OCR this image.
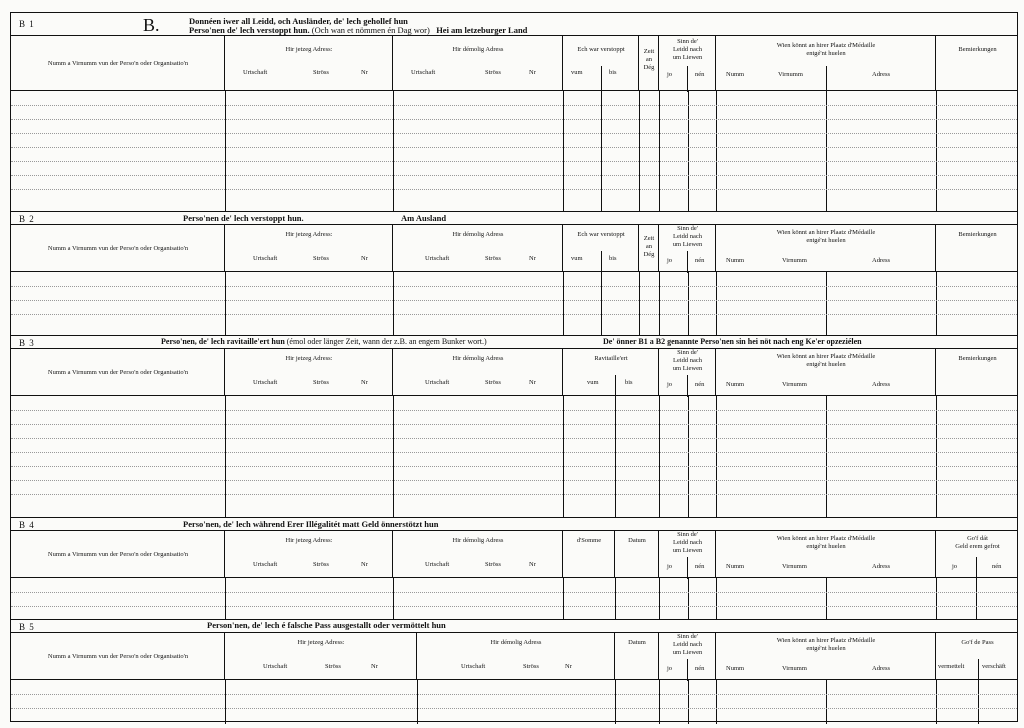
B 1	B.	Donnéen iwer all Leidd, och Ausländer, de' lech gehollef hun
Perso'nen de' lech verstoppt hun. (Och wan et nömmen én Dag wor) Hei am letzeburger Land
Numm a Virnumm vun der Perso'n oder Organisatio'n
Hir jetzeg Adress:
Urtschaft	Ströss	Nr
Hir démolig Adress
Urtschaft	Ströss	Nr
Ech war verstoppt
vum	bis
Zeit
an
Dég
Sinn de'
Leidd nach
um Liewen
jo	nén
Wien könnt an hirer Plaatz d'Médaille
entgé'nt huelen
Numm	Virnumm	Adress
Bemierkungen
B 2	Perso'nen de' lech verstoppt hun.	Am Ausland
Numm a Virnumm vun der Perso'n oder Organisatio'n
Hir jetzeg Adress:
Urtschaft	Ströss	Nr
Hir démolig Adress
Urtschaft	Ströss	Nr
Ech war verstoppt
vum	bis
Zeit
an
Dég
Sinn de'
Leidd nach
um Liewen
jo	nén
Wien könnt an hirer Plaatz d'Médaille
entgé'nt huelen
Numm	Virnumm	Adress
Bemierkungen
B 3	Perso'nen, de' lech ravitaille'ert hun (émol oder länger Zeit, wann der z.B. an engem Bunker wort.)	De' önner B1 a B2 genannte Perso'nen sin hei nöt nach eng Ke'er opzeziélen
Numm a Virnumm vun der Perso'n oder Organisatio'n
Hir jetzeg Adress:
Urtschaft	Ströss	Nr
Hir démolig Adress
Urtschaft	Ströss	Nr
Ravitaille'ert
vum	bis
Sinn de'
Leidd nach
um Liewen
jo	nén
Wien könnt an hirer Plaatz d'Médaille
entgé'nt huelen
Numm	Virnumm	Adress
Bemierkungen
B 4	Perso'nen, de' lech während Erer Illégalitét matt Geld önnerstötzt hun
Numm a Virnumm vun der Perso'n oder Organisatio'n
Hir jetzeg Adress:
Urtschaft	Ströss	Nr
Hir démolig Adress
Urtschaft	Ströss	Nr
d'Somme	Datum
Sinn de'
Leidd nach
um Liewen
jo	nén
Wien könnt an hirer Plaatz d'Médaille
entgé'nt huelen
Numm	Virnumm	Adress
Go'f dát
Geld erem gefrot
jo	nén
B 5	Person'nen, de' lech é falsche Pass ausgestallt oder vermöttelt hun
Numm a Virnumm vun der Perso'n oder Organisatio'n
Hir jetzeg Adress:
Urtschaft	Ströss	Nr
Hir démolig Adress
Urtschaft	Ströss	Nr
Datum
Sinn de'
Leidd nach
um Liewen
jo	nén
Wien könnt an hirer Plaatz d'Médaille
entgé'nt huelen
Numm	Virnumm	Adress
Go'f de Pass
vermettelt	verschäft
